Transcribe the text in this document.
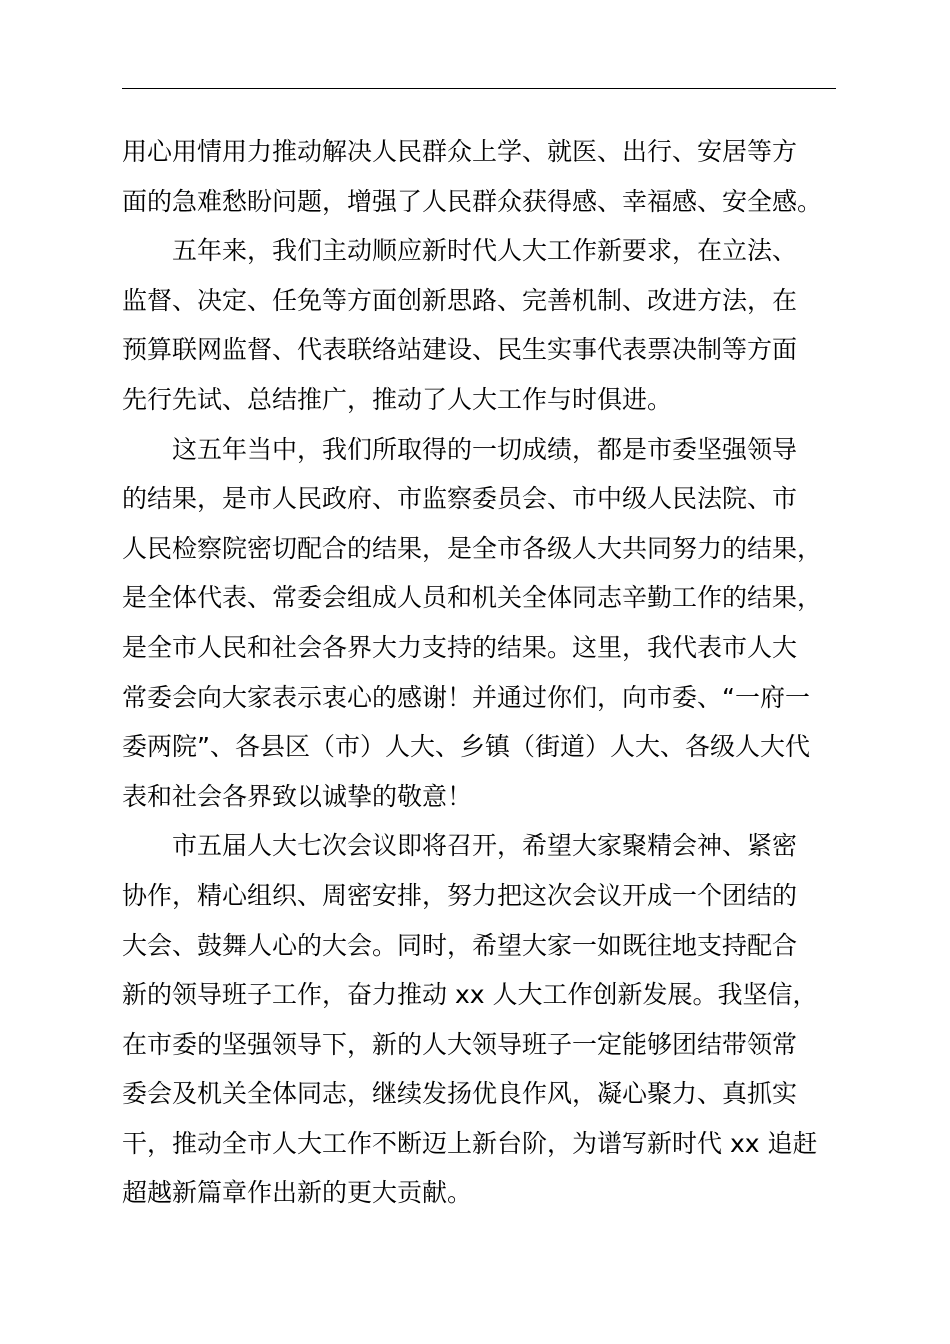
用心用情用力推动解决人民群众上学、就医、出行、安居等方
面的急难愁盼问题，增强了人民群众获得感、幸福感、安全感。
　　五年来，我们主动顺应新时代人大工作新要求，在立法、
监督、决定、任免等方面创新思路、完善机制、改进方法，在
预算联网监督、代表联络站建设、民生实事代表票决制等方面
先行先试、总结推广，推动了人大工作与时俱进。
　　这五年当中，我们所取得的一切成绩，都是市委坚强领导
的结果，是市人民政府、市监察委员会、市中级人民法院、市
人民检察院密切配合的结果，是全市各级人大共同努力的结果，
是全体代表、常委会组成人员和机关全体同志辛勤工作的结果，
是全市人民和社会各界大力支持的结果。这里，我代表市人大
常委会向大家表示衷心的感谢！并通过你们，向市委、“一府一
委两院”、各县区（市）人大、乡镇（街道）人大、各级人大代
表和社会各界致以诚挚的敬意！
　　市五届人大七次会议即将召开，希望大家聚精会神、紧密
协作，精心组织、周密安排，努力把这次会议开成一个团结的
大会、鼓舞人心的大会。同时，希望大家一如既往地支持配合
新的领导班子工作，奋力推动 xx 人大工作创新发展。我坚信，
在市委的坚强领导下，新的人大领导班子一定能够团结带领常
委会及机关全体同志，继续发扬优良作风，凝心聚力、真抓实
干，推动全市人大工作不断迈上新台阶，为谱写新时代 xx 追赶
超越新篇章作出新的更大贡献。
